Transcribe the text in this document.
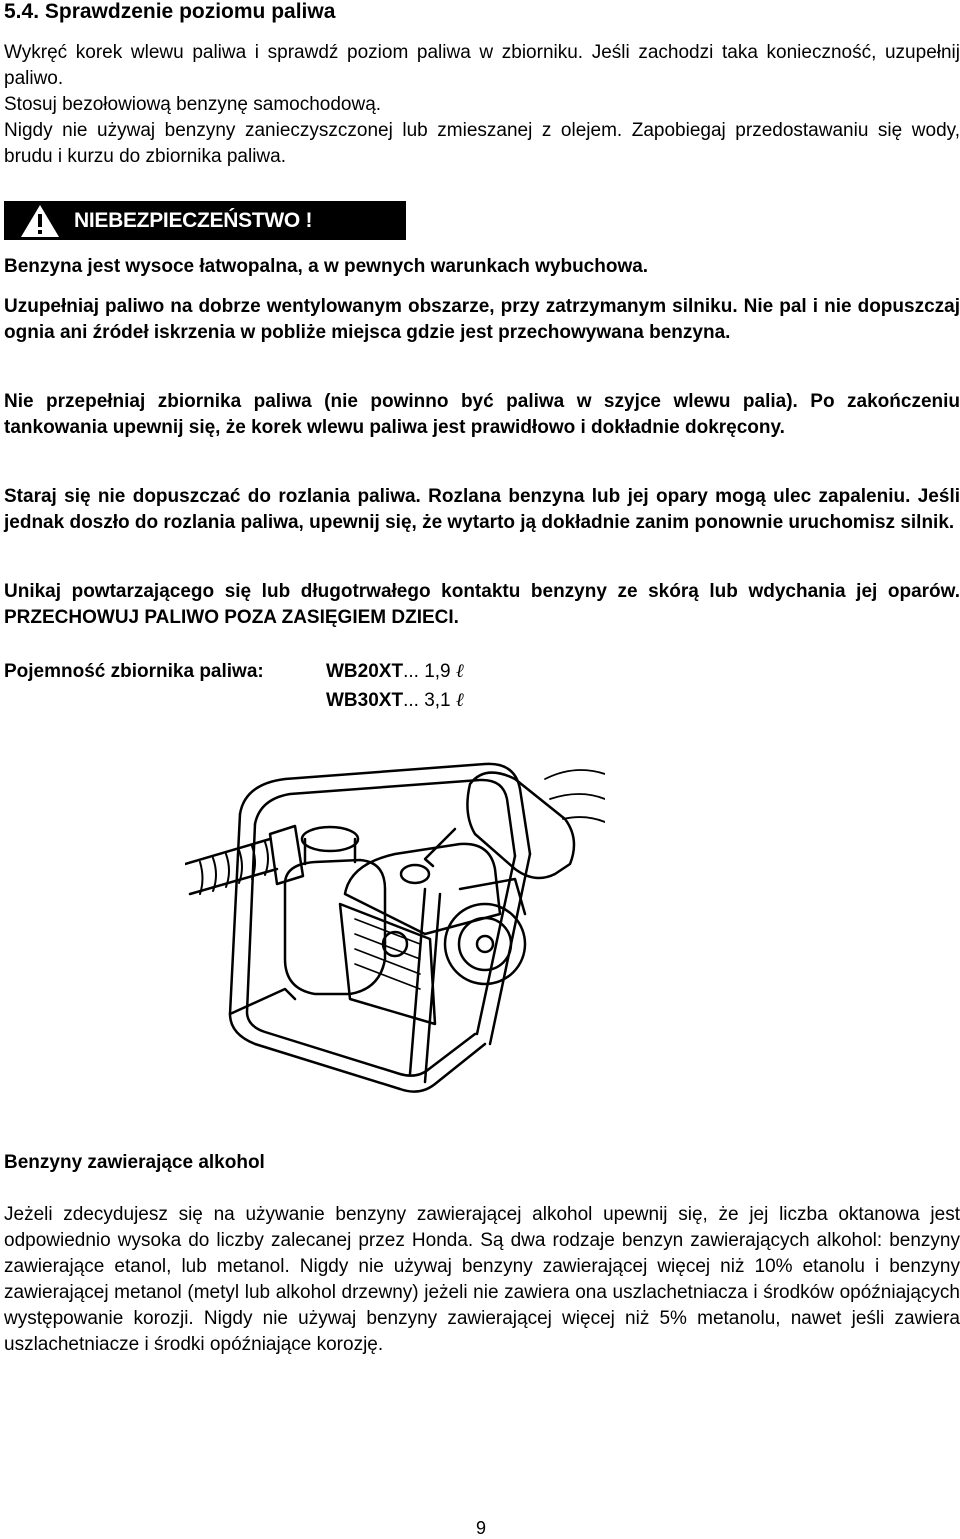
5.4. Sprawdzenie poziomu paliwa
Wykręć korek wlewu paliwa i sprawdź poziom paliwa w zbiorniku. Jeśli zachodzi taka konieczność, uzupełnij paliwo.
Stosuj bezołowiową benzynę samochodową.
Nigdy nie używaj benzyny zanieczyszczonej lub zmieszanej z olejem. Zapobiegaj przedostawaniu się wody, brudu i kurzu do zbiornika paliwa.
NIEBEZPIECZEŃSTWO !
Benzyna jest wysoce łatwopalna, a w pewnych warunkach wybuchowa.
Uzupełniaj paliwo na dobrze wentylowanym obszarze, przy zatrzymanym silniku. Nie pal i nie dopuszczaj ognia ani źródeł iskrzenia w pobliże miejsca gdzie jest przechowywana benzyna.
Nie przepełniaj zbiornika paliwa (nie powinno być paliwa w szyjce wlewu palia). Po zakończeniu tankowania upewnij się, że korek wlewu paliwa jest prawidłowo i dokładnie dokręcony.
Staraj się nie dopuszczać do rozlania paliwa. Rozlana benzyna lub jej opary mogą ulec zapaleniu. Jeśli jednak doszło do rozlania paliwa, upewnij się, że wytarto ją dokładnie zanim ponownie uruchomisz silnik.
Unikaj powtarzającego się lub długotrwałego kontaktu benzyny ze skórą lub wdychania jej oparów. PRZECHOWUJ PALIWO POZA ZASIĘGIEM DZIECI.
Pojemność zbiornika paliwa:	WB20XT... 1,9 ℓ
WB30XT... 3,1 ℓ
Benzyny zawierające alkohol
Jeżeli zdecydujesz się na używanie benzyny zawierającej alkohol upewnij się, że jej liczba oktanowa jest odpowiednio wysoka do liczby zalecanej przez Honda. Są dwa rodzaje benzyn zawierających alkohol: benzyny zawierające etanol, lub metanol. Nigdy nie używaj benzyny zawierającej więcej niż 10% etanolu i benzyny zawierającej metanol (metyl lub alkohol drzewny) jeżeli nie zawiera ona uszlachetniacza i środków opóźniających występowanie korozji. Nigdy nie używaj benzyny zawierającej więcej niż 5% metanolu, nawet jeśli zawiera uszlachetniacze i środki opóźniające korozję.
9
